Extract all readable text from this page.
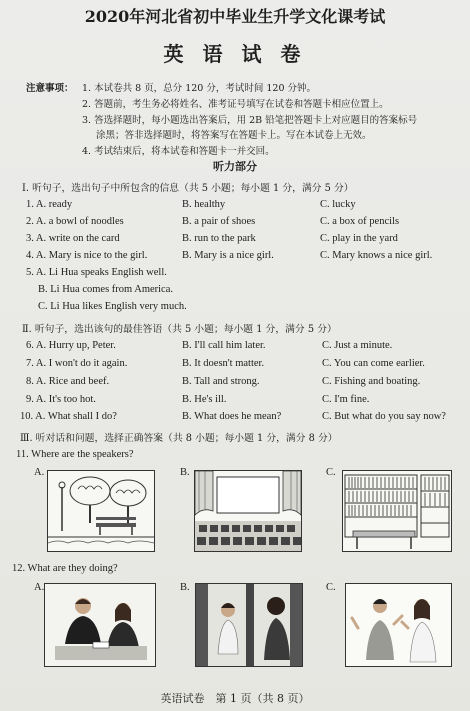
2020年河北省初中毕业生升学文化课考试
英 语 试 卷
注意事项： 1. 本试卷共 8 页，总分 120 分，考试时间 120 分钟。
2. 答题前，考生务必将姓名、准考证号填写在试卷和答题卡相应位置上。
3. 答选择题时，每小题选出答案后，用 2B 铅笔把答题卡上对应题目的答案标号
涂黑；答非选择题时，将答案写在答题卡上。写在本试卷上无效。
4. 考试结束后，将本试卷和答题卡一并交回。
听力部分
Ⅰ. 听句子，选出句子中所包含的信息（共 5 小题；每小题 1 分，满分 5 分）
1. A. ready	B. healthy	C. lucky
2. A. a bowl of noodles	B. a pair of shoes	C. a box of pencils
3. A. write on the card	B. run to the park	C. play in the yard
4. A. Mary is nice to the girl.	B. Mary is a nice girl.	C. Mary knows a nice girl.
5. A. Li Hua speaks English well.
B. Li Hua comes from America.
C. Li Hua likes English very much.
Ⅱ. 听句子，选出该句的最佳答语（共 5 小题；每小题 1 分，满分 5 分）
6. A. Hurry up, Peter.	B. I'll call him later.	C. Just a minute.
7. A. I won't do it again.	B. It doesn't matter.	C. You can come earlier.
8. A. Rice and beef.	B. Tall and strong.	C. Fishing and boating.
9. A. It's too hot.	B. He's ill.	C. I'm fine.
10. A. What shall I do?	B. What does he mean?	C. But what do you say now?
Ⅲ. 听对话和问题，选择正确答案（共 8 小题；每小题 1 分，满分 8 分）
11. Where are the speakers?
A.	B.	C.
12. What are they doing?
A.	B.	C.
英语试卷　第 1 页（共 8 页）
